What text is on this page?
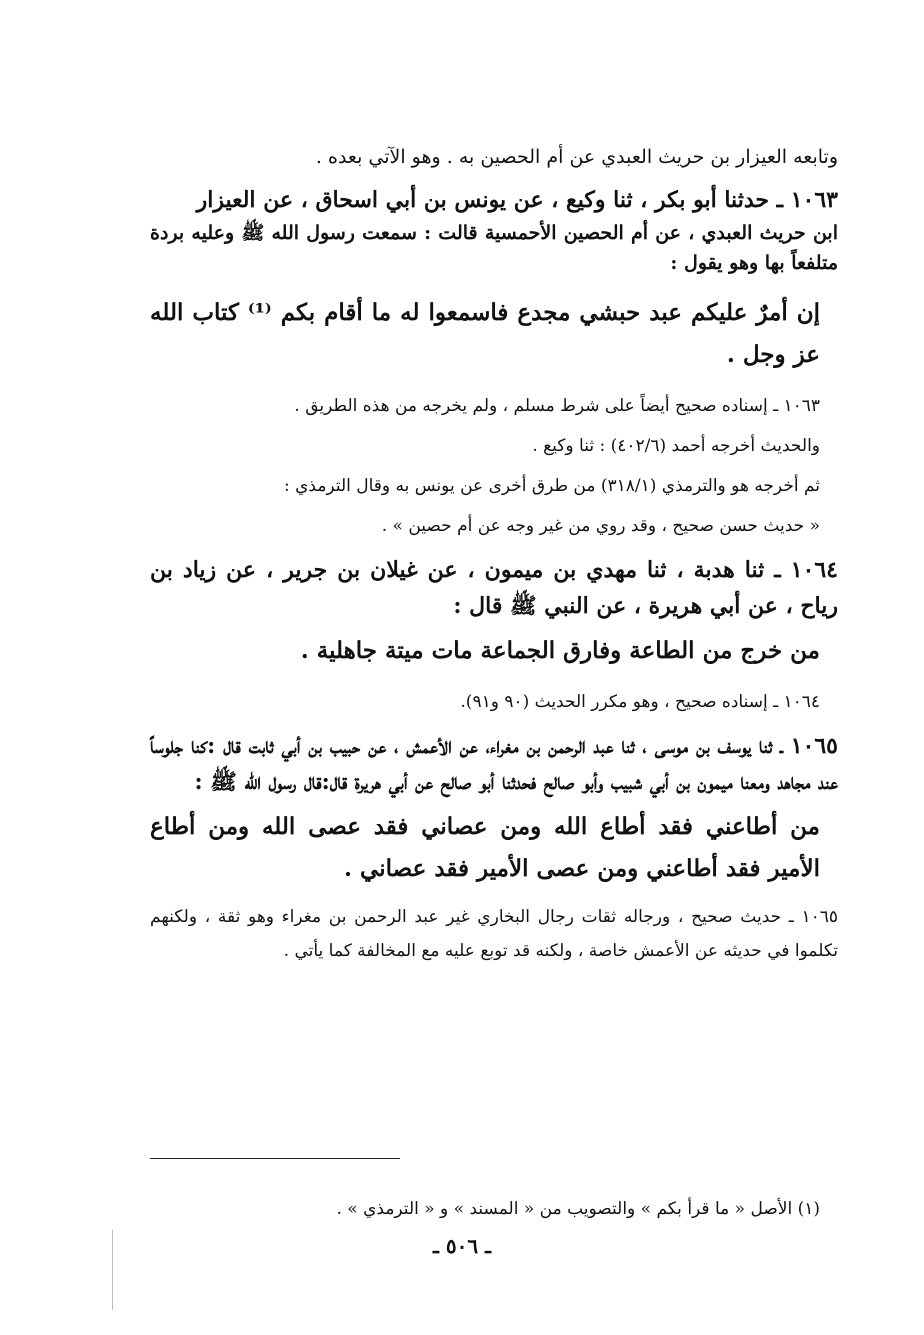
وتابعه العيزار بن حريث العبدي عن أم الحصين به . وهو الآتي بعده .

١٠٦٣ ـ حدثنا أبو بكر ، ثنا وكيع ، عن يونس بن أبي اسحاق ، عن العيزار

ابن حريث العبدي ، عن أم الحصين الأحمسية قالت : سمعت رسول الله ﷺ وعليه بردة متلفعاً بها وهو يقول :

إن أمرٌ عليكم عبد حبشي مجدع فاسمعوا له ما أقام بكم ⁽¹⁾ كتاب الله عز وجل .

١٠٦٣ ـ إسناده صحيح أيضاً على شرط مسلم ، ولم يخرجه من هذه الطريق .

والحديث أخرجه أحمد (٤٠٢/٦) : ثنا وكيع .

ثم أخرجه هو والترمذي (٣١٨/١) من طرق أخرى عن يونس به وقال الترمذي :

« حديث حسن صحيح ، وقد روي من غير وجه عن أم حصين » .

١٠٦٤ ـ ثنا هدبة ، ثنا مهدي بن ميمون ، عن غيلان بن جرير ، عن زياد بن رياح ، عن أبي هريرة ، عن النبي ﷺ قال :

من خرج من الطاعة وفارق الجماعة مات ميتة جاهلية .

١٠٦٤ ـ إسناده صحيح ، وهو مكرر الحديث (٩٠ و٩١).

١٠٦٥ ـ ثنا يوسف بن موسى ، ثنا عبد الرحمن بن مغراء، عن الأعمش ، عن حبيب بن أبي ثابت قال :كنا جلوساً عند مجاهد ومعنا ميمون بن أبي شبيب وأبو صالح فحدثنا أبو صالح عن أبي هريرة قال:قال رسول الله ﷺ :

من أطاعني فقد أطاع الله ومن عصاني فقد عصى الله ومن أطاع الأمير فقد أطاعني ومن عصى الأمير فقد عصاني .

١٠٦٥ ـ حديث صحيح ، ورجاله ثقات رجال البخاري غير عبد الرحمن بن مغراء وهو ثقة ، ولكنهم تكلموا في حديثه عن الأعمش خاصة ، ولكنه قد توبع عليه مع المخالفة كما يأتي .

(١) الأصل « ما قرأ بكم » والتصويب من « المسند » و « الترمذي » .

ـ ٥٠٦ ـ
